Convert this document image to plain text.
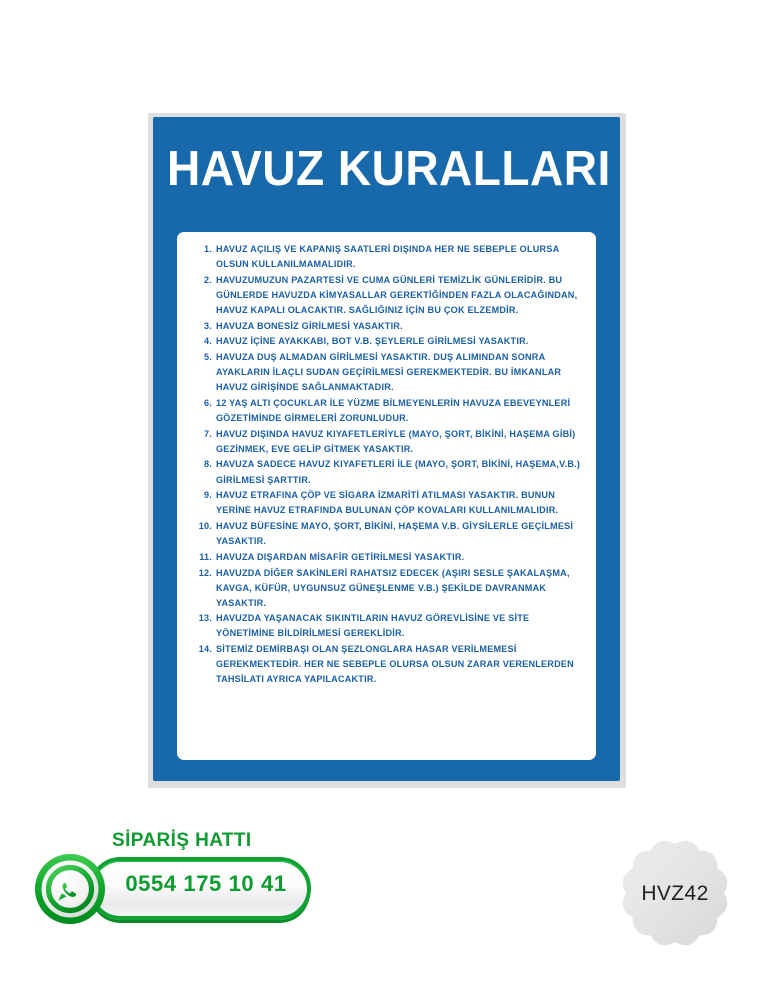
HAVUZ KURALLARI
HAVUZ AÇILIŞ VE KAPANIŞ SAATLERİ DIŞINDA HER NE SEBEPLE OLURSA OLSUN KULLANILMAMALIDIR.
HAVUZUMUZUN PAZARTESİ VE CUMA GÜNLERİ TEMİZLİK GÜNLERİDİR. BU GÜNLERDE HAVUZDA KİMYASALLAR GEREKTİĞİNDEN FAZLA OLACAĞINDAN, HAVUZ KAPALI OLACAKTIR. SAĞLIĞINIZ İÇİN BU ÇOK ELZEMDİR.
HAVUZA BONESİZ GİRİLMESİ YASAKTIR.
HAVUZ İÇİNE AYAKKABI, BOT V.B. ŞEYLERLE GİRİLMESİ YASAKTIR.
HAVUZA DUŞ ALMADAN GİRİLMESİ YASAKTIR. DUŞ ALIMINDAN SONRA AYAKLARIN İLAÇLI SUDAN GEÇİRİLMESİ GEREKMEKTEDİR. BU İMKANLAR HAVUZ GİRİŞİNDE SAĞLANMAKTADIR.
12 YAŞ ALTI ÇOCUKLAR İLE YÜZME BİLMEYENLERİN HAVUZA EBEVEYNLERİ GÖZETİMİNDE GİRMELERİ ZORUNLUDUR.
HAVUZ DIŞINDA HAVUZ KIYAFETLERİYLE (MAYO, ŞORT, BİKİNİ, HAŞEMA GİBİ) GEZİNMEK, EVE GELİP GİTMEK YASAKTIR.
HAVUZA SADECE HAVUZ KIYAFETLERİ İLE (MAYO, ŞORT, BİKİNİ, HAŞEMA,V.B.) GİRİLMESİ ŞARTTIR.
HAVUZ ETRAFINA ÇÖP VE SİGARA İZMARİTİ ATILMASI YASAKTIR. BUNUN YERİNE HAVUZ ETRAFINDA BULUNAN ÇÖP KOVALARI KULLANILMALIDIR.
HAVUZ BÜFESİNE MAYO, ŞORT, BİKİNİ, HAŞEMA V.B. GİYSİLERLE GEÇİLMESİ YASAKTIR.
HAVUZA DIŞARDAN MİSAFİR GETİRİLMESİ YASAKTIR.
HAVUZDA DİĞER SAKİNLERİ RAHATSIZ EDECEK (AŞIRI SESLE ŞAKALAŞMA, KAVGA, KÜFÜR, UYGUNSUZ GÜNEŞLENME V.B.) ŞEKİLDE DAVRANMAK YASAKTIR.
HAVUZDA YAŞANACAK SIKINTILARIN HAVUZ GÖREVLİSİNE VE SİTE YÖNETİMİNE BİLDİRİLMESİ GEREKLİDİR.
SİTEMİZ DEMİRBAŞI OLAN ŞEZLONGLARA HASAR VERİLMEMESİ GEREKMEKTEDİR. HER NE SEBEPLE OLURSA OLSUN ZARAR VERENLERDEN TAHSİLATI AYRICA YAPILACAKTIR.
SİPARİŞ HATTI
0554 175 10 41	HVZ42
